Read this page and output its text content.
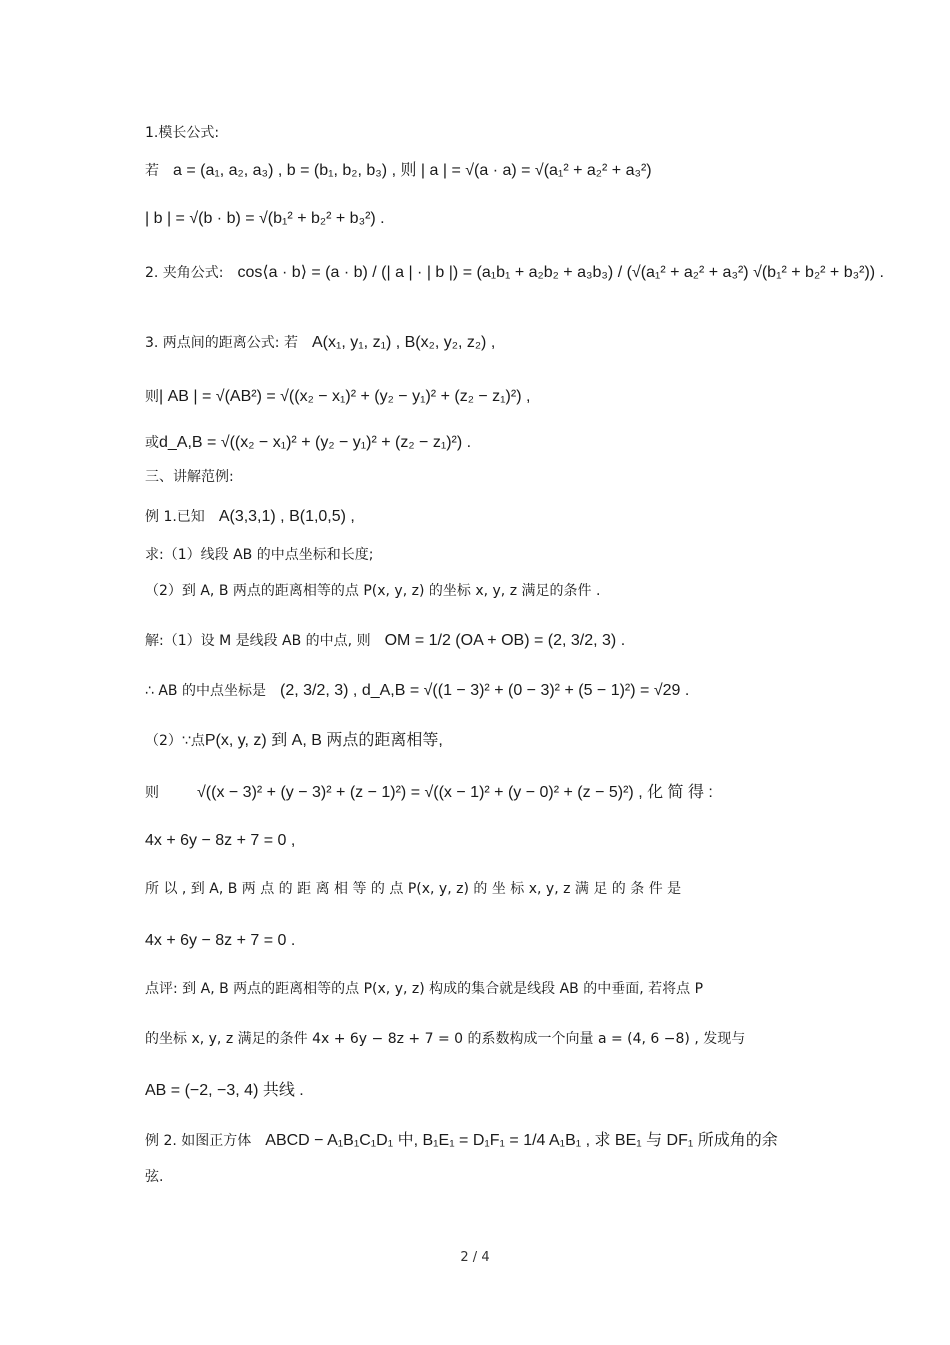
1.模长公式:
若 a = (a₁, a₂, a₃) , b = (b₁, b₂, b₃) , 则 | a | = √(a · a) = √(a₁² + a₂² + a₃²)
| b | = √(b · b) = √(b₁² + b₂² + b₃²) .
2. 夹角公式: cos⟨a · b⟩ = (a · b) / (| a | · | b |) = (a₁b₁ + a₂b₂ + a₃b₃) / (√(a₁² + a₂² + a₃²) √(b₁² + b₂² + b₃²)) .
3. 两点间的距离公式: 若 A(x₁, y₁, z₁) , B(x₂, y₂, z₂) ,
则| AB | = √(AB²) = √((x₂ − x₁)² + (y₂ − y₁)² + (z₂ − z₁)²) ,
或d_A,B = √((x₂ − x₁)² + (y₂ − y₁)² + (z₂ − z₁)²) .
三、讲解范例:
例 1.已知 A(3,3,1) , B(1,0,5) ,
求:（1）线段 AB 的中点坐标和长度;
（2）到 A, B 两点的距离相等的点 P(x, y, z) 的坐标 x, y, z 满足的条件 .
解:（1）设 M 是线段 AB 的中点, 则 OM = 1/2 (OA + OB) = (2, 3/2, 3) .
∴ AB 的中点坐标是 (2, 3/2, 3) , d_A,B = √((1 − 3)² + (0 − 3)² + (5 − 1)²) = √29 .
（2）∵点P(x, y, z) 到 A, B 两点的距离相等,
则 √((x − 3)² + (y − 3)² + (z − 1)²) = √((x − 1)² + (y − 0)² + (z − 5)²) , 化 简 得 :
4x + 6y − 8z + 7 = 0 ,
所 以 , 到 A, B 两 点 的 距 离 相 等 的 点 P(x, y, z) 的 坐 标 x, y, z 满 足 的 条 件 是
4x + 6y − 8z + 7 = 0 .
点评: 到 A, B 两点的距离相等的点 P(x, y, z) 构成的集合就是线段 AB 的中垂面, 若将点 P
的坐标 x, y, z 满足的条件 4x + 6y − 8z + 7 = 0 的系数构成一个向量 a = (4, 6 −8) , 发现与
AB = (−2, −3, 4) 共线 .
例 2. 如图正方体 ABCD − A₁B₁C₁D₁ 中, B₁E₁ = D₁F₁ = 1/4 A₁B₁ , 求 BE₁ 与 DF₁ 所成角的余
弦.
2 / 4
